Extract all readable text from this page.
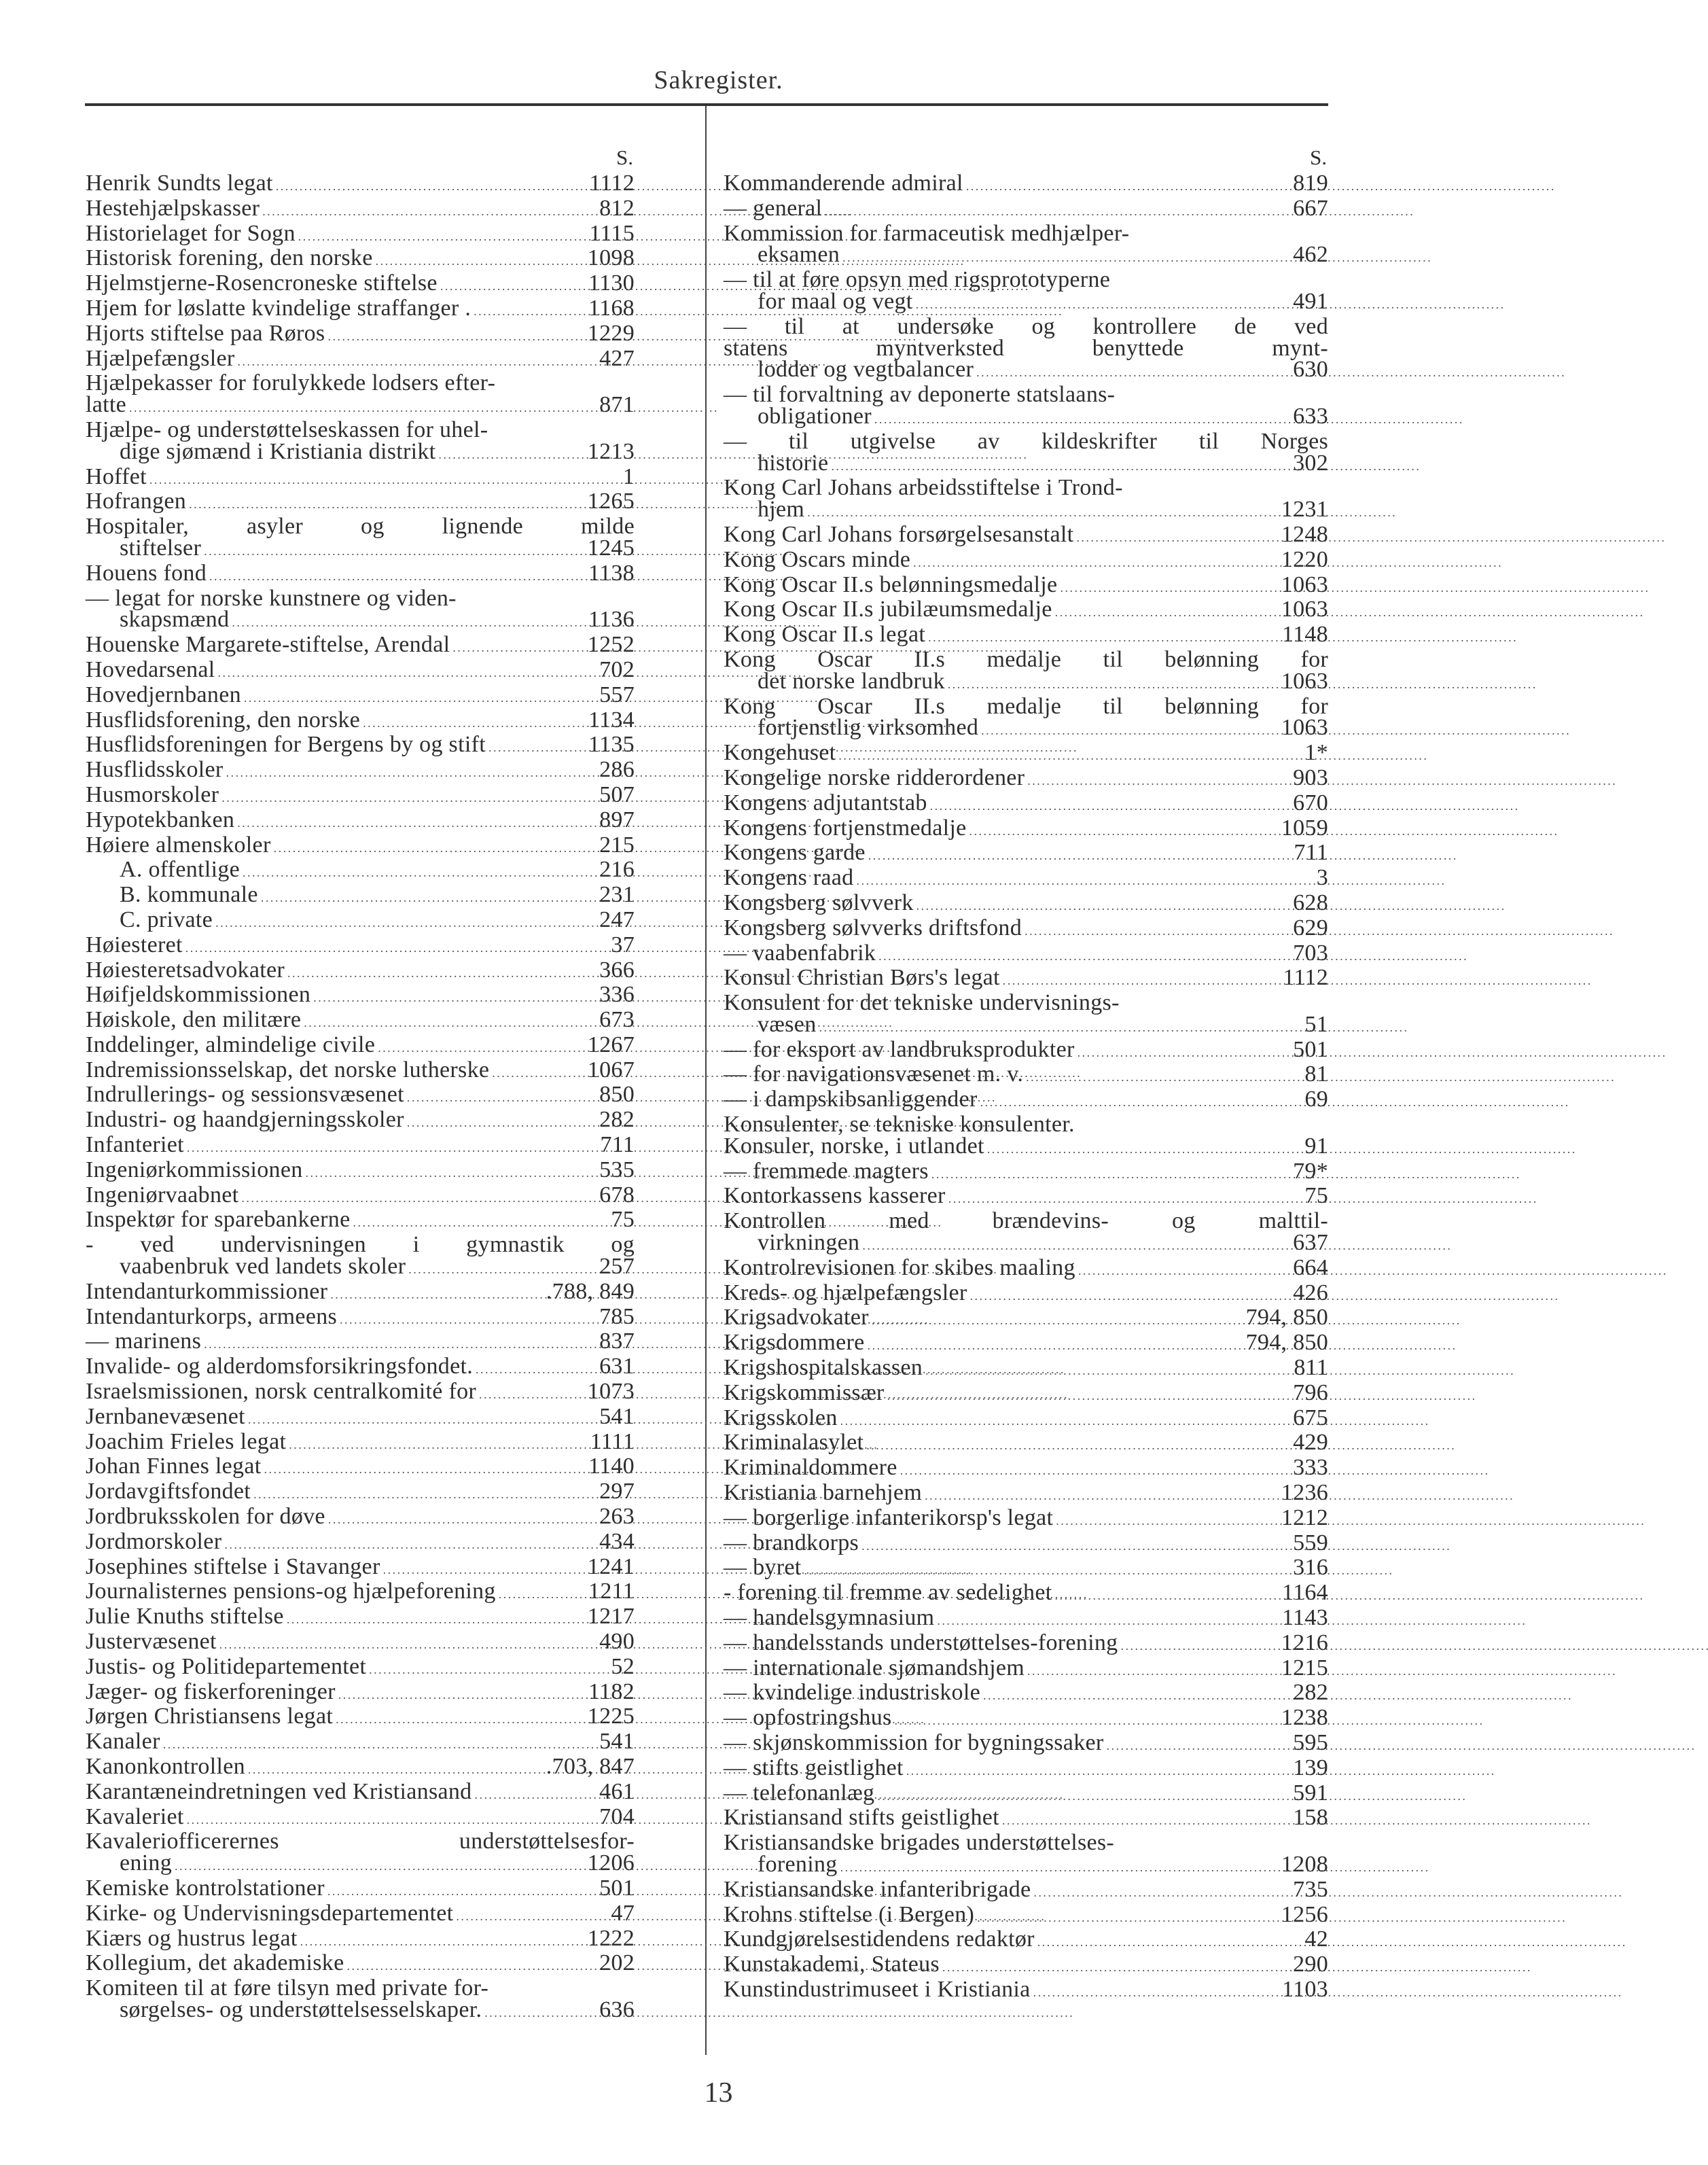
Sakregister.
S.
Henrik Sundts legat . . .	1112
Hestehjælpskasser . . .	812
Historielaget for Sogn . . .	1115
Historisk forening, den norske . . .	1098
Hjelmstjerne-Rosencroneske stiftelse . . .	1130
Hjem for løslatte kvindelige straffanger . . . .	1168
Hjorts stiftelse paa Røros . . .	1229
Hjælpefængsler . . .	427
Hjælpekasser for forulykkede lodsers efter-
latte . . .	871
Hjælpe- og understøttelseskassen for uhel-
dige sjømænd i Kristiania distrikt . . .	1213
Hoffet . . .	1
Hofrangen . . .	1265
Hospitaler, asyler og lignende milde
stiftelser . . .	1245
Houens fond . . .	1138
— legat for norske kunstnere og viden-
skapsmænd . . .	1136
Houenske Margarete-stiftelse, Arendal . . .	1252
Hovedarsenal . . .	702
Hovedjernbanen . . .	557
Husflidsforening, den norske . . .	1134
Husflidsforeningen for Bergens by og stift . . .	1135
Husflidsskoler . . .	286
Husmorskoler . . .	507
Hypotekbanken . . .	897
Høiere almenskoler . . .	215
A. offentlige . . .	216
B. kommunale . . .	231
C. private . . .	247
Høiesteret . . .	37
Høiesteretsadvokater . . .	366
Høifjeldskommissionen . . .	336
Høiskole, den militære . . .	673
Inddelinger, almindelige civile . . .	1267
Indremissionsselskap, det norske lutherske . . .	1067
Indrullerings- og sessionsvæsenet . . .	850
Industri- og haandgjerningsskoler . . .	282
Infanteriet . . .	711
Ingeniørkommissionen . . .	535
Ingeniørvaabnet . . .	678
Inspektør for sparebankerne . . .	75
- ved undervisningen i gymnastik og
vaabenbruk ved landets skoler . . .	257
Intendanturkommissioner . . .	.788, 849
Intendanturkorps, armeens . . .	785
— marinens . . .	837
Invalide- og alderdomsforsikringsfondet. . . .	631
Israelsmissionen, norsk centralkomité for . . .	1073
Jernbanevæsenet . . .	541
Joachim Frieles legat . . .	1111
Johan Finnes legat . . .	1140
Jordavgiftsfondet . . .	297
Jordbruksskolen for døve . . .	263
Jordmorskoler . . .	434
Josephines stiftelse i Stavanger . . .	1241
Journalisternes pensions-og hjælpeforening . . .	1211
Julie Knuths stiftelse . . .	1217
Justervæsenet . . .	490
Justis- og Politidepartementet . . .	52
Jæger- og fiskerforeninger . . .	1182
Jørgen Christiansens legat . . .	1225
Kanaler . . .	541
Kanonkontrollen . . .	.703, 847
Karantæneindretningen ved Kristiansand . . .	461
Kavaleriet . . .	704
Kavaleriofficerernes understøttelsesfor-
ening . . .	1206
Kemiske kontrolstationer . . .	501
Kirke- og Undervisningsdepartementet . . .	47
Kiærs og hustrus legat . . .	1222
Kollegium, det akademiske . . .	202
Komiteen til at føre tilsyn med private for-
sørgelses- og understøttelsesselskaper. . . .	636
S.
Kommanderende admiral . . .	819
— general . . .	667
Kommission for farmaceutisk medhjælper-
eksamen . . .	462
— til at føre opsyn med rigsprototyperne
for maal og vegt . . .	491
— til at undersøke og kontrollere de ved
statens myntverksted benyttede mynt-
lodder og vegtbalancer . . .	630
— til forvaltning av deponerte statslaans-
obligationer . . .	633
— til utgivelse av kildeskrifter til Norges
historie . . .	302
Kong Carl Johans arbeidsstiftelse i Trond-
hjem . . .	1231
Kong Carl Johans forsørgelsesanstalt . . .	1248
Kong Oscars minde . . .	1220
Kong Oscar II.s belønningsmedalje . . .	1063
Kong Oscar II.s jubilæumsmedalje . . .	1063
Kong Oscar II.s legat . . .	1148
Kong Oscar II.s medalje til belønning for
det norske landbruk . . .	1063
Kong Oscar II.s medalje til belønning for
fortjenstlig virksomhed . . .	1063
Kongehuset . . .	1*
Kongelige norske ridderordener . . .	903
Kongens adjutantstab . . .	670
Kongens fortjenstmedalje . . .	1059
Kongens garde . . .	711
Kongens raad . . .	3
Kongsberg sølvverk . . .	628
Kongsberg sølvverks driftsfond . . .	629
— vaabenfabrik . . .	703
Konsul Christian Børs's legat . . .	1112
Konsulent for det tekniske undervisnings-
væsen . . .	51
— for eksport av landbruksprodukter . . .	501
— for navigationsvæsenet m. v. . . .	81
— i dampskibsanliggender . . .	69
Konsulenter, se tekniske konsulenter.
Konsuler, norske, i utlandet . . .	91
— fremmede magters . . .	79*
Kontorkassens kasserer . . .	75
Kontrollen med brændevins- og malttil-
virkningen . . .	637
Kontrolrevisionen for skibes maaling . . .	664
Kreds- og hjælpefængsler . . .	426
Krigsadvokater . . .	794, 850
Krigsdommere . . .	794, 850
Krigshospitalskassen . . .	811
Krigskommissær . . .	796
Krigsskolen . . .	675
Kriminalasylet . . .	429
Kriminaldommere . . .	333
Kristiania barnehjem . . .	1236
— borgerlige infanterikorsp's legat . . .	1212
— brandkorps . . .	559
— byret . . .	316
- forening til fremme av sedelighet . . .	1164
— handelsgymnasium . . .	1143
— handelsstands understøttelses-forening . . .	1216
— internationale sjømandshjem . . .	1215
— kvindelige industriskole . . .	282
— opfostringshus . . .	1238
— skjønskommission for bygningssaker . . .	595
— stifts geistlighet . . .	139
— telefonanlæg . . .	591
Kristiansand stifts geistlighet . . .	158
Kristiansandske brigades understøttelses-
forening . . .	1208
Kristiansandske infanteribrigade . . .	735
Krohns stiftelse (i Bergen) . . .	1256
Kundgjørelsestidendens redaktør . . .	42
Kunstakademi, Stateus . . .	290
Kunstindustrimuseet i Kristiania . . .	1103
13
